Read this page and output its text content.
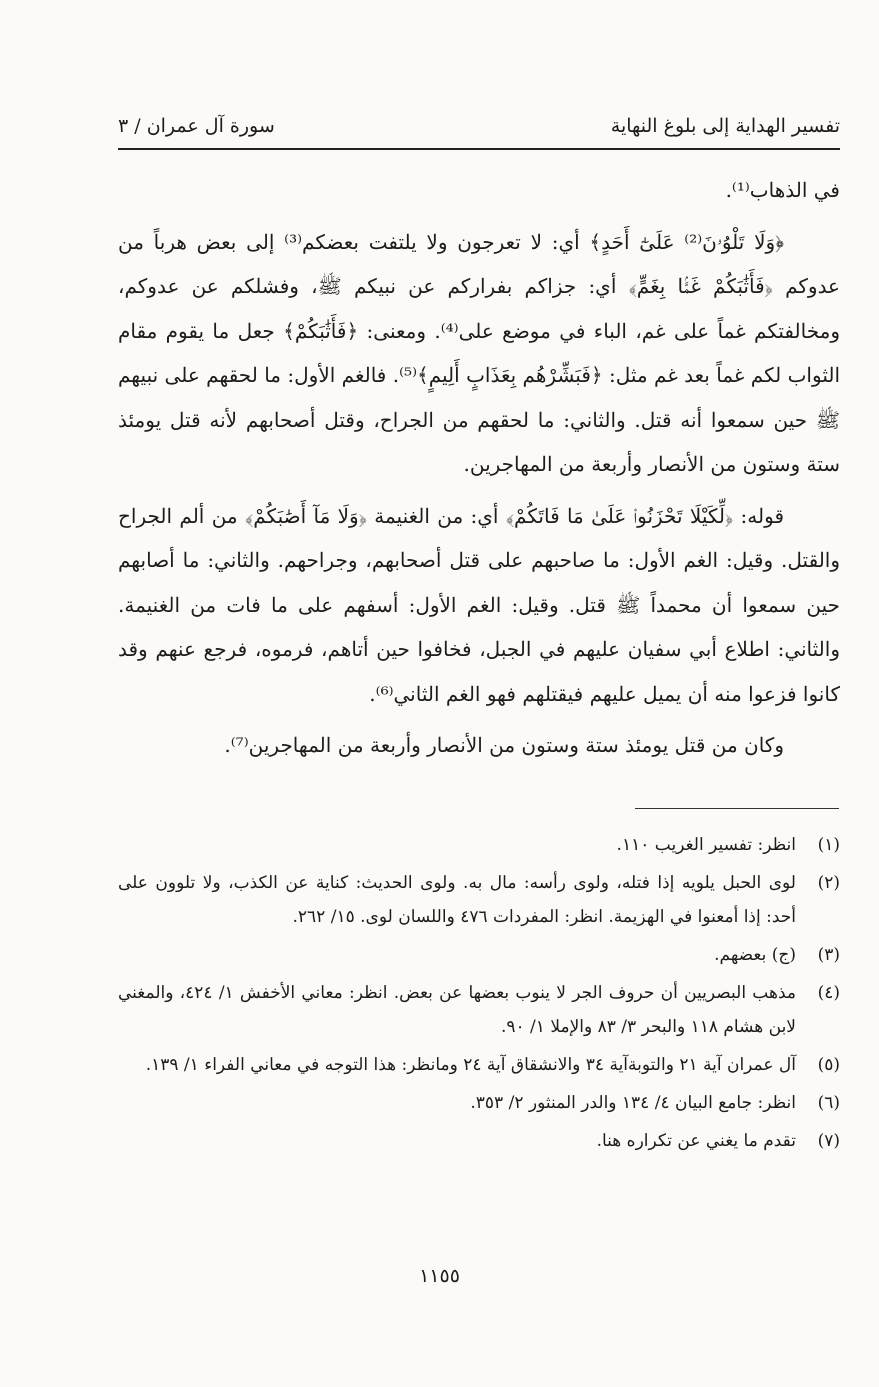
تفسير الهداية إلى بلوغ النهاية
سورة آل عمران / ٣

في الذهاب⁽¹⁾.

﴿وَلَا تَلْوُۥنَ⁽²⁾ عَلَىٰٓ أَحَدٍ﴾ أي: لا تعرجون ولا يلتفت بعضكم⁽³⁾ إلى بعض هرباً من عدوكم ﴿فَأَثَٰبَكُمْ غَمَّۢا بِغَمٍّ﴾ أي: جزاكم بفراركم عن نبيكم ﷺ، وفشلكم عن عدوكم، ومخالفتكم غماً على غم، الباء في موضع على⁽⁴⁾. ومعنى: ﴿فَأَثَٰبَكُمْ﴾ جعل ما يقوم مقام الثواب لكم غماً بعد غم مثل: ﴿فَبَشِّرْهُم بِعَذَابٍ أَلِيمٍ﴾⁽⁵⁾. فالغم الأول: ما لحقهم على نبيهم ﷺ حين سمعوا أنه قتل. والثاني: ما لحقهم من الجراح، وقتل أصحابهم لأنه قتل يومئذ ستة وستون من الأنصار وأربعة من المهاجرين.

قوله: ﴿لِّكَيْلَا تَحْزَنُوا۟ عَلَىٰ مَا فَاتَكُمْ﴾ أي: من الغنيمة ﴿وَلَا مَآ أَصَٰبَكُمْ﴾ من ألم الجراح والقتل. وقيل: الغم الأول: ما صاحبهم على قتل أصحابهم، وجراحهم. والثاني: ما أصابهم حين سمعوا أن محمداً ﷺ قتل. وقيل: الغم الأول: أسفهم على ما فات من الغنيمة. والثاني: اطلاع أبي سفيان عليهم في الجبل، فخافوا حين أتاهم، فرموه، فرجع عنهم وقد كانوا فزعوا منه أن يميل عليهم فيقتلهم فهو الغم الثاني⁽⁶⁾.

وكان من قتل يومئذ ستة وستون من الأنصار وأربعة من المهاجرين⁽⁷⁾.

(١)
انظر: تفسير الغريب ١١٠.
(٢)
لوى الحبل يلويه إذا فتله، ولوى رأسه: مال به. ولوى الحديث: كناية عن الكذب، ولا تلوون على أحد: إذا أمعنوا في الهزيمة. انظر: المفردات ٤٧٦ واللسان لوى. ١٥/ ٢٦٢.
(٣)
(ج) بعضهم.
(٤)
مذهب البصريين أن حروف الجر لا ينوب بعضها عن بعض. انظر: معاني الأخفش ١/ ٤٢٤، والمغني لابن هشام ١١٨ والبحر ٣/ ٨٣ والإملا ١/ ٩٠.
(٥)
آل عمران آية ٢١ والتوبةآية ٣٤ والانشقاق آية ٢٤ ومانظر: هذا التوجه في معاني الفراء ١/ ١٣٩.
(٦)
انظر: جامع البيان ٤/ ١٣٤ والدر المنثور ٢/ ٣٥٣.
(٧)
تقدم ما يغني عن تكراره هنا.
١١٥٥
